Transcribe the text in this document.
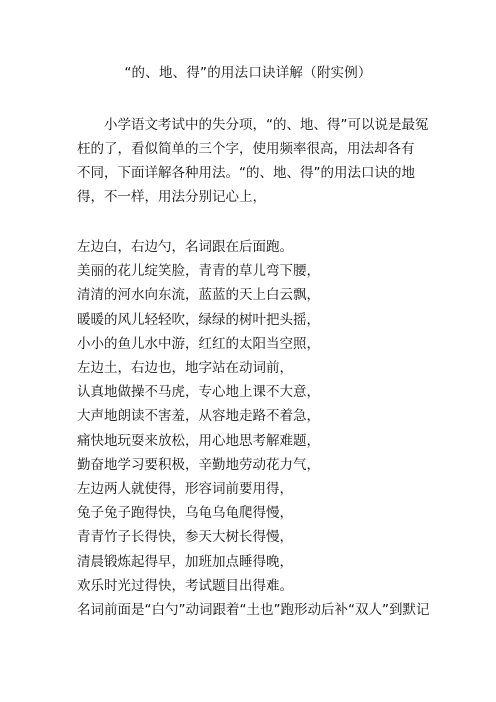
“的、地、得”的用法口诀详解（附实例）
小学语文考试中的失分项，“的、地、得”可以说是最冤
枉的了，看似简单的三个字，使用频率很高，用法却各有
不同，下面详解各种用法。“的、地、得”的用法口诀的地
得，不一样，用法分别记心上，
左边白，右边勺，名词跟在后面跑。
美丽的花儿绽笑脸，青青的草儿弯下腰，
清清的河水向东流，蓝蓝的天上白云飘，
暖暖的风儿轻轻吹，绿绿的树叶把头摇，
小小的鱼儿水中游，红红的太阳当空照，
左边土，右边也，地字站在动词前，
认真地做操不马虎，专心地上课不大意，
大声地朗读不害羞，从容地走路不着急，
痛快地玩耍来放松，用心地思考解难题，
勤奋地学习要积极，辛勤地劳动花力气，
左边两人就使得，形容词前要用得，
兔子兔子跑得快，乌龟乌龟爬得慢，
青青竹子长得快，参天大树长得慢，
清晨锻炼起得早，加班加点睡得晚，
欢乐时光过得快，考试题目出得难。
名词前面是“白勺”动词跟着“土也”跑形动后补“双人”到默记
